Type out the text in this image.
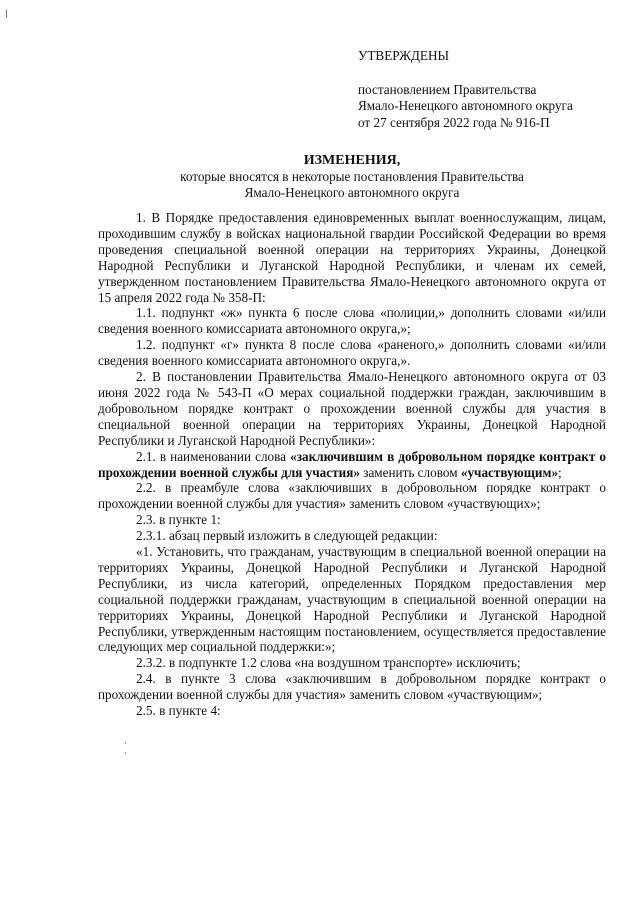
УТВЕРЖДЕНЫ
постановлением Правительства
Ямало-Ненецкого автономного округа
от 27 сентября 2022 года № 916-П
ИЗМЕНЕНИЯ,
которые вносятся в некоторые постановления Правительства
Ямало-Ненецкого автономного округа

1. В Порядке предоставления единовременных выплат военнослужащим, лицам, проходившим службу в войсках национальной гвардии Российской Федерации во время проведения специальной военной операции на территориях Украины, Донецкой Народной Республики и Луганской Народной Республики, и членам их семей, утвержденном постановлением Правительства Ямало-Ненецкого автономного округа от 15 апреля 2022 года № 358-П:

1.1. подпункт «ж» пункта 6 после слова «полиции,» дополнить словами «и/или сведения военного комиссариата автономного округа,»;

1.2. подпункт «г» пункта 8 после слова «раненого,» дополнить словами «и/или сведения военного комиссариата автономного округа,».

2. В постановлении Правительства Ямало-Ненецкого автономного округа от 03 июня 2022 года № 543-П «О мерах социальной поддержки граждан, заключившим в добровольном порядке контракт о прохождении военной службы для участия в специальной военной операции на территориях Украины, Донецкой Народной Республики и Луганской Народной Республики»:

2.1. в наименовании слова «заключившим в добровольном порядке контракт о прохождении военной службы для участия» заменить словом «участвующим»;

2.2. в преамбуле слова «заключивших в добровольном порядке контракт о прохождении военной службы для участия» заменить словом «участвующих»;

2.3. в пункте 1:

2.3.1. абзац первый изложить в следующей редакции:

«1. Установить, что гражданам, участвующим в специальной военной операции на территориях Украины, Донецкой Народной Республики и Луганской Народной Республики, из числа категорий, определенных Порядком предоставления мер социальной поддержки гражданам, участвующим в специальной военной операции на территориях Украины, Донецкой Народной Республики и Луганской Народной Республики, утвержденным настоящим постановлением, осуществляется предоставление следующих мер социальной поддержки:»;

2.3.2. в подпункте 1.2 слова «на воздушном транспорте» исключить;

2.4. в пункте 3 слова «заключившим в добровольном порядке контракт о прохождении военной службы для участия» заменить словом «участвующим»;

2.5. в пункте 4:
